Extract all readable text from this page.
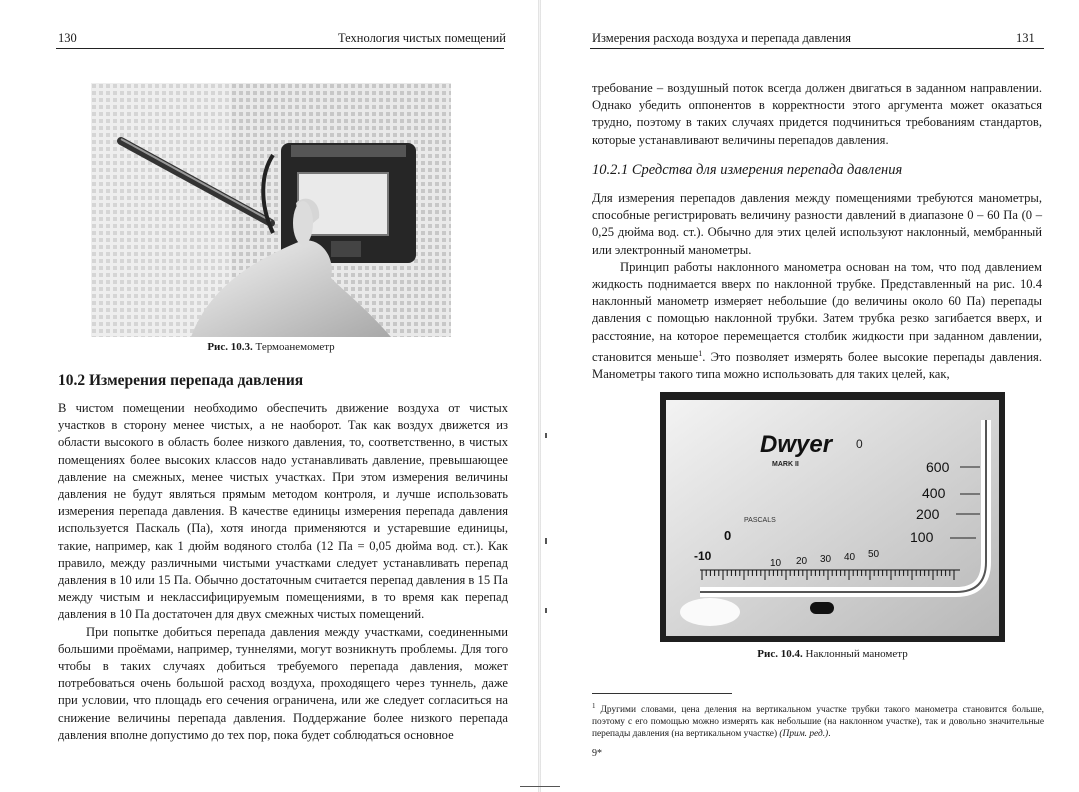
130	Технология чистых помещений
Рис. 10.3. Термоанемометр
10.2 Измерения перепада давления

В чистом помещении необходимо обеспечить движение воздуха от чистых участков в сторону менее чистых, а не наоборот. Так как воздух движется из области высокого в область более низкого давления, то, соответственно, в чистых помещениях более высоких классов надо устанавливать давление, превышающее давление на смежных, менее чистых участках. При этом измерения величины давления не будут являться прямым методом контроля, и лучше использовать измерения перепада давления. В качестве единицы измерения перепада давления используется Паскаль (Па), хотя иногда применяются и устаревшие единицы, такие, например, как 1 дюйм водяного столба (12 Па = 0,05 дюйма вод. ст.). Как правило, между различными чистыми участками следует устанавливать перепад давления в 10 или 15 Па. Обычно достаточным считается перепад давления в 15 Па между чистым и неклассифицируемым помещениями, в то время как перепад давления в 10 Па достаточен для двух смежных чистых помещений.

При попытке добиться перепада давления между участками, соединенными большими проёмами, например, туннелями, могут возникнуть проблемы. Для того чтобы в таких случаях добиться требуемого перепада давления, может потребоваться очень большой расход воздуха, проходящего через туннель, даже при условии, что площадь его сечения ограничена, или же следует согласиться на снижение величины перепада давления. Поддержание более низкого перепада давления вполне допустимо до тех пор, пока будет соблюдаться основное

Измерения расхода воздуха и перепада давления	131

требование – воздушный поток всегда должен двигаться в заданном направлении. Однако убедить оппонентов в корректности этого аргумента может оказаться трудно, поэтому в таких случаях придется подчиниться требованиям стандартов, которые устанавливают величины перепадов давления.

10.2.1 Средства для измерения перепада давления

Для измерения перепадов давления между помещениями требуются манометры, способные регистрировать величину разности давлений в диапазоне 0 – 60 Па (0 – 0,25 дюйма вод. ст.). Обычно для этих целей используют наклонный, мембранный или электронный манометры.

Принцип работы наклонного манометра основан на том, что под давлением жидкость поднимается вверх по наклонной трубке. Представленный на рис. 10.4 наклонный манометр измеряет небольшие (до величины около 60 Па) перепады давления с помощью наклонной трубки. Затем трубка резко загибается вверх, и расстояние, на которое перемещается столбик жидкости при заданном давлении, становится меньше$^1$. Это позволяет измерять более высокие перепады давления. Манометры такого типа можно использовать для таких целей, как,

Dwyer
MARK II
0
PASCALS
600
400
200
100
-10
0
10 20 30 40 50
Рис. 10.4. Наклонный манометр
$^1$ Другими словами, цена деления на вертикальном участке трубки такого манометра становится больше, поэтому с его помощью можно измерять как небольшие (на наклонном участке), так и довольно значительные перепады давления (на вертикальном участке) (Прим. ред.).
9*
